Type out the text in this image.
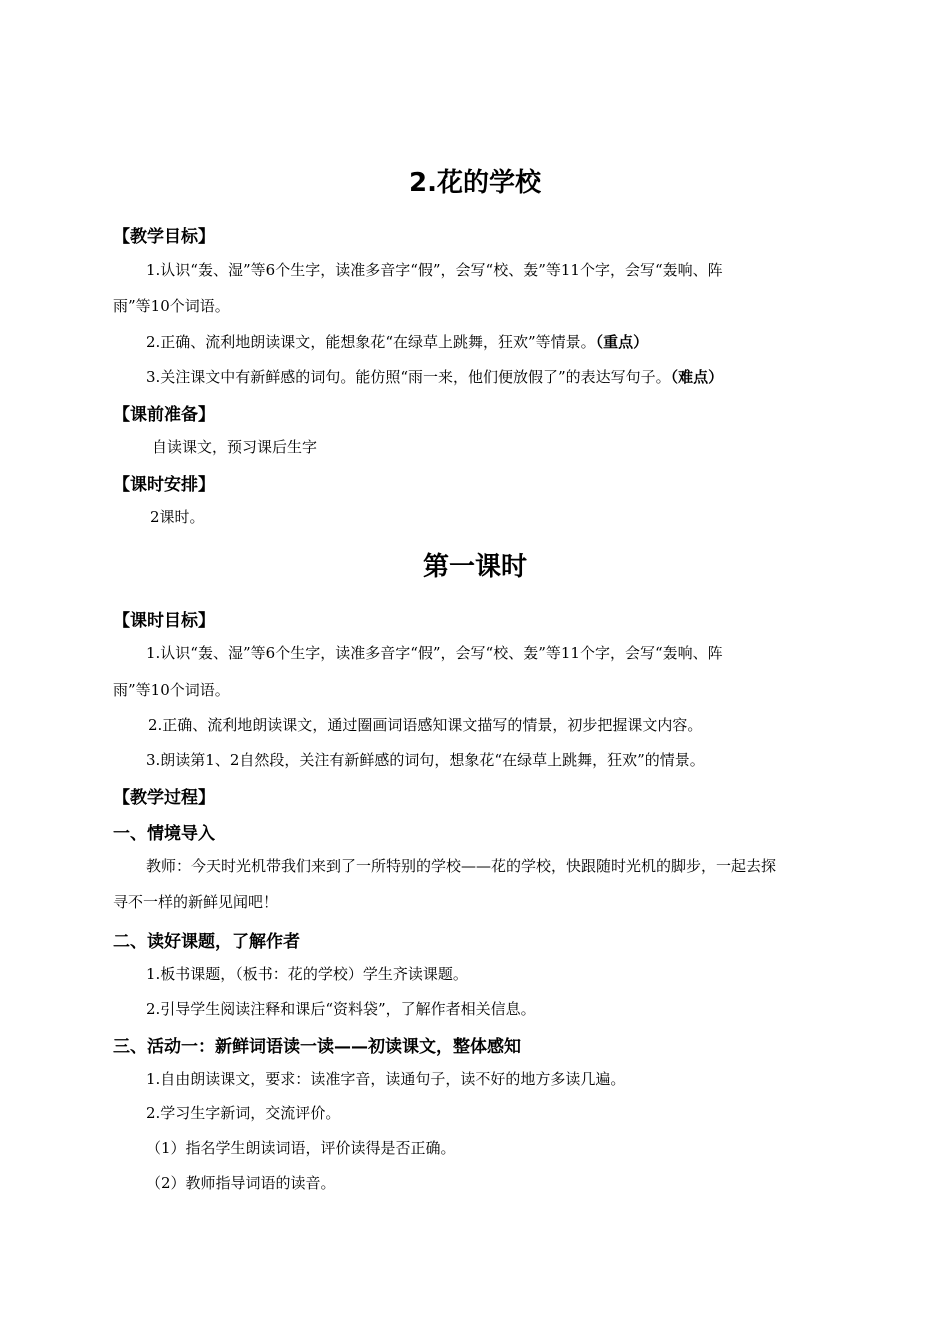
2.花的学校
【教学目标】
1.认识“轰、湿”等6个生字，读准多音字“假”，会写“校、轰”等11个字，会写“轰响、阵
雨”等10个词语。
2.正确、流利地朗读课文，能想象花“在绿草上跳舞，狂欢”等情景。（重点）
3.关注课文中有新鲜感的词句。能仿照“雨一来，他们便放假了”的表达写句子。（难点）
【课前准备】
自读课文，预习课后生字
【课时安排】
2课时。
第一课时
【课时目标】
1.认识“轰、湿”等6个生字，读准多音字“假”，会写“校、轰”等11个字，会写“轰响、阵
雨”等10个词语。
2.正确、流利地朗读课文，通过圈画词语感知课文描写的情景，初步把握课文内容。
3.朗读第1、2自然段，关注有新鲜感的词句，想象花“在绿草上跳舞，狂欢”的情景。
【教学过程】
一、情境导入
教师：今天时光机带我们来到了一所特别的学校——花的学校，快跟随时光机的脚步，一起去探
寻不一样的新鲜见闻吧！
二、读好课题，了解作者
1.板书课题，（板书：花的学校）学生齐读课题。
2.引导学生阅读注释和课后“资料袋”，了解作者相关信息。
三、活动一：新鲜词语读一读——初读课文，整体感知
1.自由朗读课文，要求：读准字音，读通句子，读不好的地方多读几遍。
2.学习生字新词，交流评价。
（1）指名学生朗读词语，评价读得是否正确。
（2）教师指导词语的读音。
